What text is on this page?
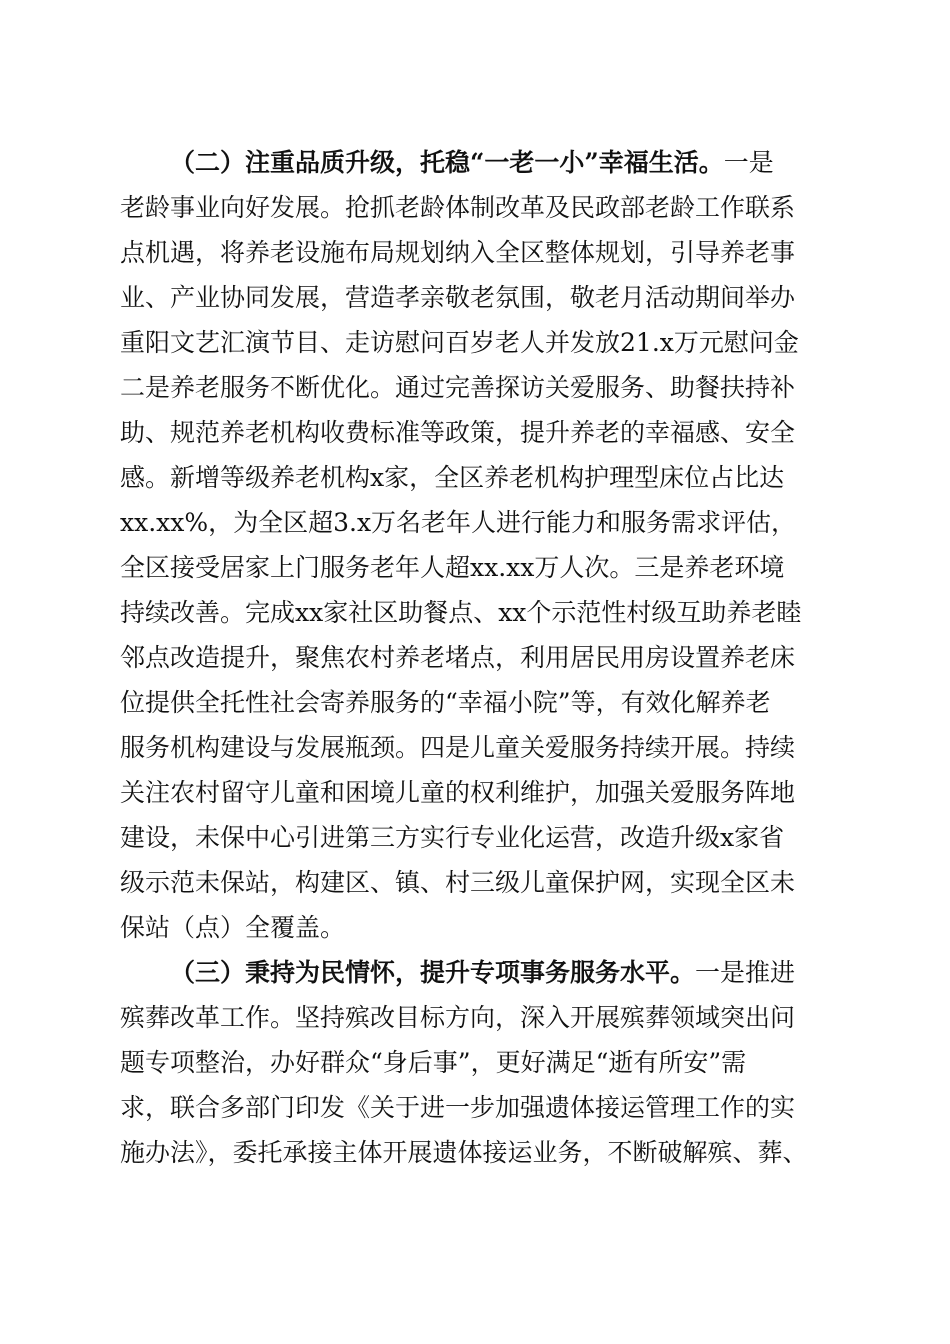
（二）注重品质升级，托稳“一老一小”幸福生活。一是
老龄事业向好发展。抢抓老龄体制改革及民政部老龄工作联系
点机遇，将养老设施布局规划纳入全区整体规划，引导养老事
业、产业协同发展，营造孝亲敬老氛围，敬老月活动期间举办
重阳文艺汇演节目、走访慰问百岁老人并发放21.x万元慰问金
二是养老服务不断优化。通过完善探访关爱服务、助餐扶持补
助、规范养老机构收费标准等政策，提升养老的幸福感、安全
感。新增等级养老机构x家，全区养老机构护理型床位占比达
xx.xx%，为全区超3.x万名老年人进行能力和服务需求评估，
全区接受居家上门服务老年人超xx.xx万人次。三是养老环境
持续改善。完成xx家社区助餐点、xx个示范性村级互助养老睦
邻点改造提升，聚焦农村养老堵点，利用居民用房设置养老床
位提供全托性社会寄养服务的“幸福小院”等，有效化解养老
服务机构建设与发展瓶颈。四是儿童关爱服务持续开展。持续
关注农村留守儿童和困境儿童的权利维护，加强关爱服务阵地
建设，未保中心引进第三方实行专业化运营，改造升级x家省
级示范未保站，构建区、镇、村三级儿童保护网，实现全区未
保站（点）全覆盖。
（三）秉持为民情怀，提升专项事务服务水平。一是推进
殡葬改革工作。坚持殡改目标方向，深入开展殡葬领域突出问
题专项整治，办好群众“身后事”，更好满足“逝有所安”需
求，联合多部门印发《关于进一步加强遗体接运管理工作的实
施办法》，委托承接主体开展遗体接运业务，不断破解殡、葬、
